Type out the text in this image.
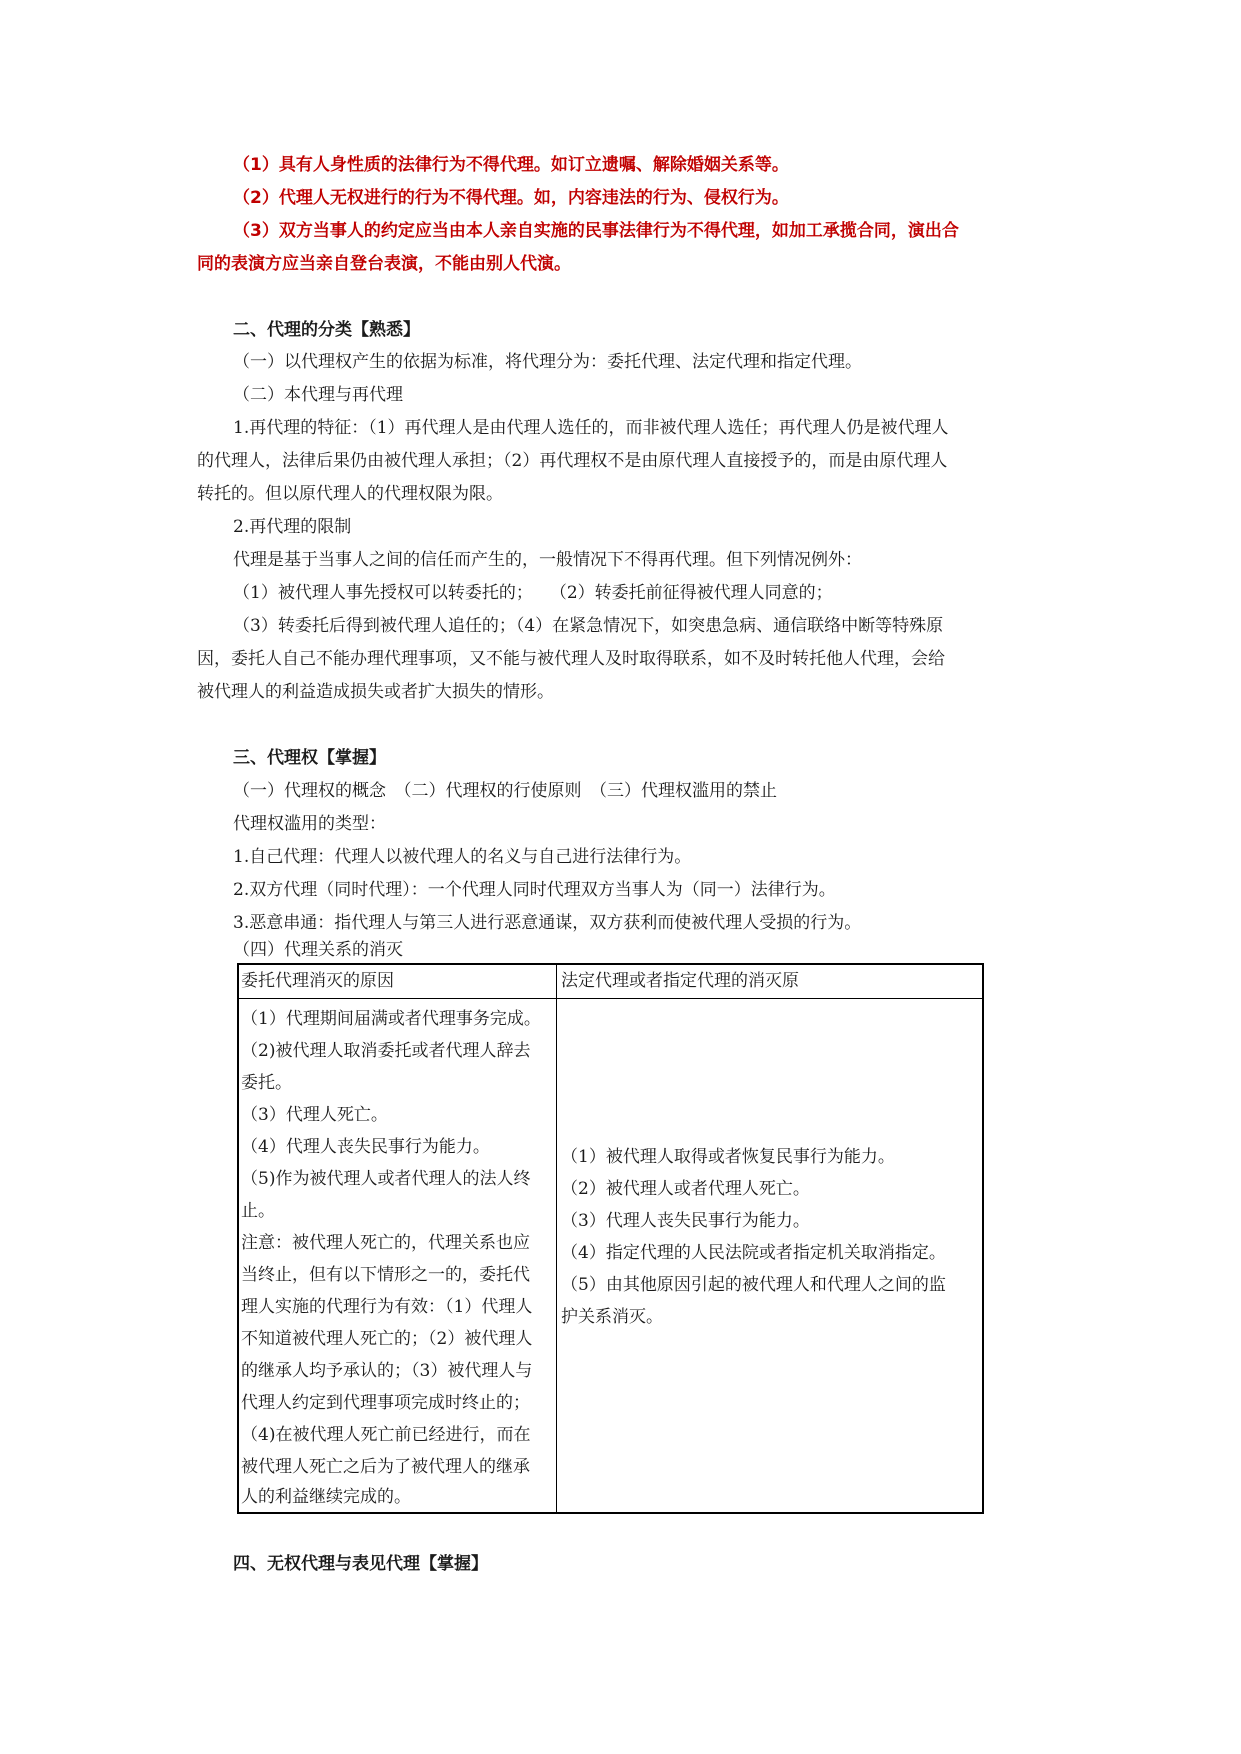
（1）具有人身性质的法律行为不得代理。如订立遗嘱、解除婚姻关系等。
（2）代理人无权进行的行为不得代理。如，内容违法的行为、侵权行为。
（3）双方当事人的约定应当由本人亲自实施的民事法律行为不得代理，如加工承揽合同，演出合
同的表演方应当亲自登台表演，不能由别人代演。
二、代理的分类【熟悉】
（一）以代理权产生的依据为标准，将代理分为：委托代理、法定代理和指定代理。
（二）本代理与再代理
1.再代理的特征：（1）再代理人是由代理人选任的，而非被代理人选任；再代理人仍是被代理人
的代理人，法律后果仍由被代理人承担；（2）再代理权不是由原代理人直接授予的，而是由原代理人
转托的。但以原代理人的代理权限为限。
2.再代理的限制
代理是基于当事人之间的信任而产生的，一般情况下不得再代理。但下列情况例外：
（1）被代理人事先授权可以转委托的；　　（2）转委托前征得被代理人同意的；
（3）转委托后得到被代理人追任的；（4）在紧急情况下，如突患急病、通信联络中断等特殊原
因，委托人自己不能办理代理事项，又不能与被代理人及时取得联系，如不及时转托他人代理，会给
被代理人的利益造成损失或者扩大损失的情形。
三、代理权【掌握】
（一）代理权的概念　（二）代理权的行使原则　（三）代理权滥用的禁止
代理权滥用的类型：
1.自己代理：代理人以被代理人的名义与自己进行法律行为。
2.双方代理（同时代理）：一个代理人同时代理双方当事人为（同一）法律行为。
3.恶意串通：指代理人与第三人进行恶意通谋，双方获利而使被代理人受损的行为。
（四）代理关系的消灭
委托代理消灭的原因	法定代理或者指定代理的消灭原
（1）代理期间届满或者代理事务完成。
（2)被代理人取消委托或者代理人辞去
委托。
（3）代理人死亡。
（4）代理人丧失民事行为能力。
（5)作为被代理人或者代理人的法人终
止。
注意：被代理人死亡的，代理关系也应
当终止，但有以下情形之一的，委托代
理人实施的代理行为有效：（1）代理人
不知道被代理人死亡的；（2）被代理人
的继承人均予承认的；（3）被代理人与
代理人约定到代理事项完成时终止的；
（4)在被代理人死亡前已经进行，而在
被代理人死亡之后为了被代理人的继承
人的利益继续完成的。
（1）被代理人取得或者恢复民事行为能力。
（2）被代理人或者代理人死亡。
（3）代理人丧失民事行为能力。
（4）指定代理的人民法院或者指定机关取消指定。
（5）由其他原因引起的被代理人和代理人之间的监
护关系消灭。
四、无权代理与表见代理【掌握】
